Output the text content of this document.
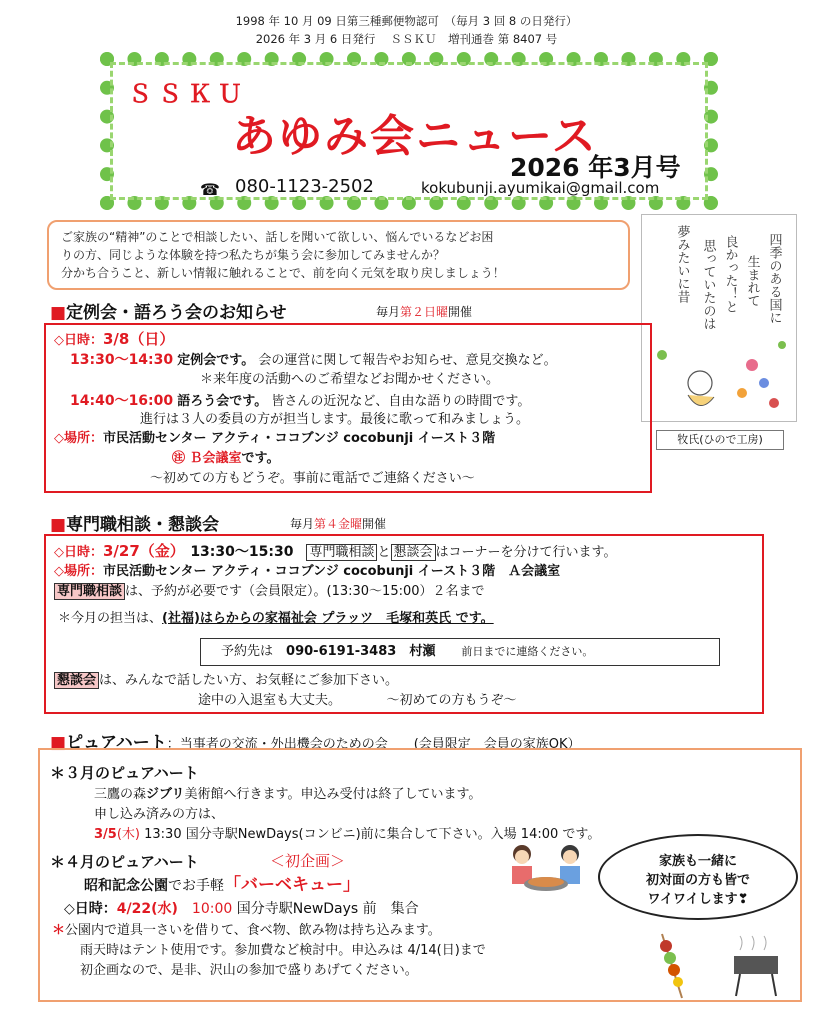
1998 年 10 月 09 日第三種郵便物認可　（毎月 3 回 8 の日発行）
2026 年 3 月 6 日発行　 ＳＳＫＵ　増刊通巻 第 8407 号
ＳＳＫＵ
あゆみ会ニュース
2026 年3月号
☎ 080-1123-2502	kokubunji.ayumikai@gmail.com
ご家族の“精神”のことで相談したい、話しを聞いて欲しい、悩んでいるなどお困
りの方、同じような体験を持つ私たちが集う会に参加してみませんか？
分かち合うこと、新しい情報に触れることで、前を向く元気を取り戻しましょう！	四季のある国に
生まれて
良かった！と
思っていたのは
夢みたいに昔
牧氏(ひので工房)
■定例会・語ろう会のお知らせ	毎月第２日曜開催
◇日時：3/8（日）
13:30～14:30 定例会です。 会の運営に関して報告やお知らせ、意見交換など。
＊来年度の活動へのご希望などお聞かせください。
14:40～16:00 語ろう会です。 皆さんの近況など、自由な語りの時間です。
進行は３人の委員の方が担当します。最後に歌って和みましょう。
◇場所：市民活動センター アクティ・ココブンジ cocobunji イースト３階
㊟ Ｂ会議室です。
～初めての方もどうぞ。事前に電話でご連絡ください～
■専門職相談・懇談会	毎月第４金曜開催
◇日時：3/27（金）　 13:30～15:30　 専門職相談 と 懇談会 はコーナーを分けて行います。
◇場所：市民活動センター アクティ・ココブンジ cocobunji イースト３階　Ａ会議室
専門職相談 は、予約が必要です（会員限定）。(13:30～15:00）２名まで
＊今月の担当は、(社福)はらからの家福祉会 プラッツ　毛塚和英氏 です。
予約先は　 090-6191-3483　 村瀬　　 前日までに連絡ください。
懇談会 は、みんなで話したい方、お気軽にご参加下さい。
途中の入退室も大丈夫。　　　　～初めての方もうぞ～
■ピュアハート：当事者の交流・外出機会のための会　　(会員限定　会員の家族OK）
＊３月のピュアハート
三鷹の森ジブリ美術館へ行きます。申込み受付は終了しています。
申し込み済みの方は、
3/5(木) 13:30 国分寺駅NewDays(コンビニ)前に集合して下さい。入場 14:00 です。
＊４月のピュアハート	＜初企画＞
昭和記念公園でお手軽「バーベキュー」
◇日時：4/22(水)　 10:00 国分寺駅NewDays 前　集合
＊公園内で道具一さいを借りて、食べ物、飲み物は持ち込みます。
雨天時はテント使用です。参加費など検討中。申込みは 4/14(日)まで
初企画なので、是非、沢山の参加で盛りあげてください。
家族も一緒に
初対面の方も皆で
ワイワイします❣
